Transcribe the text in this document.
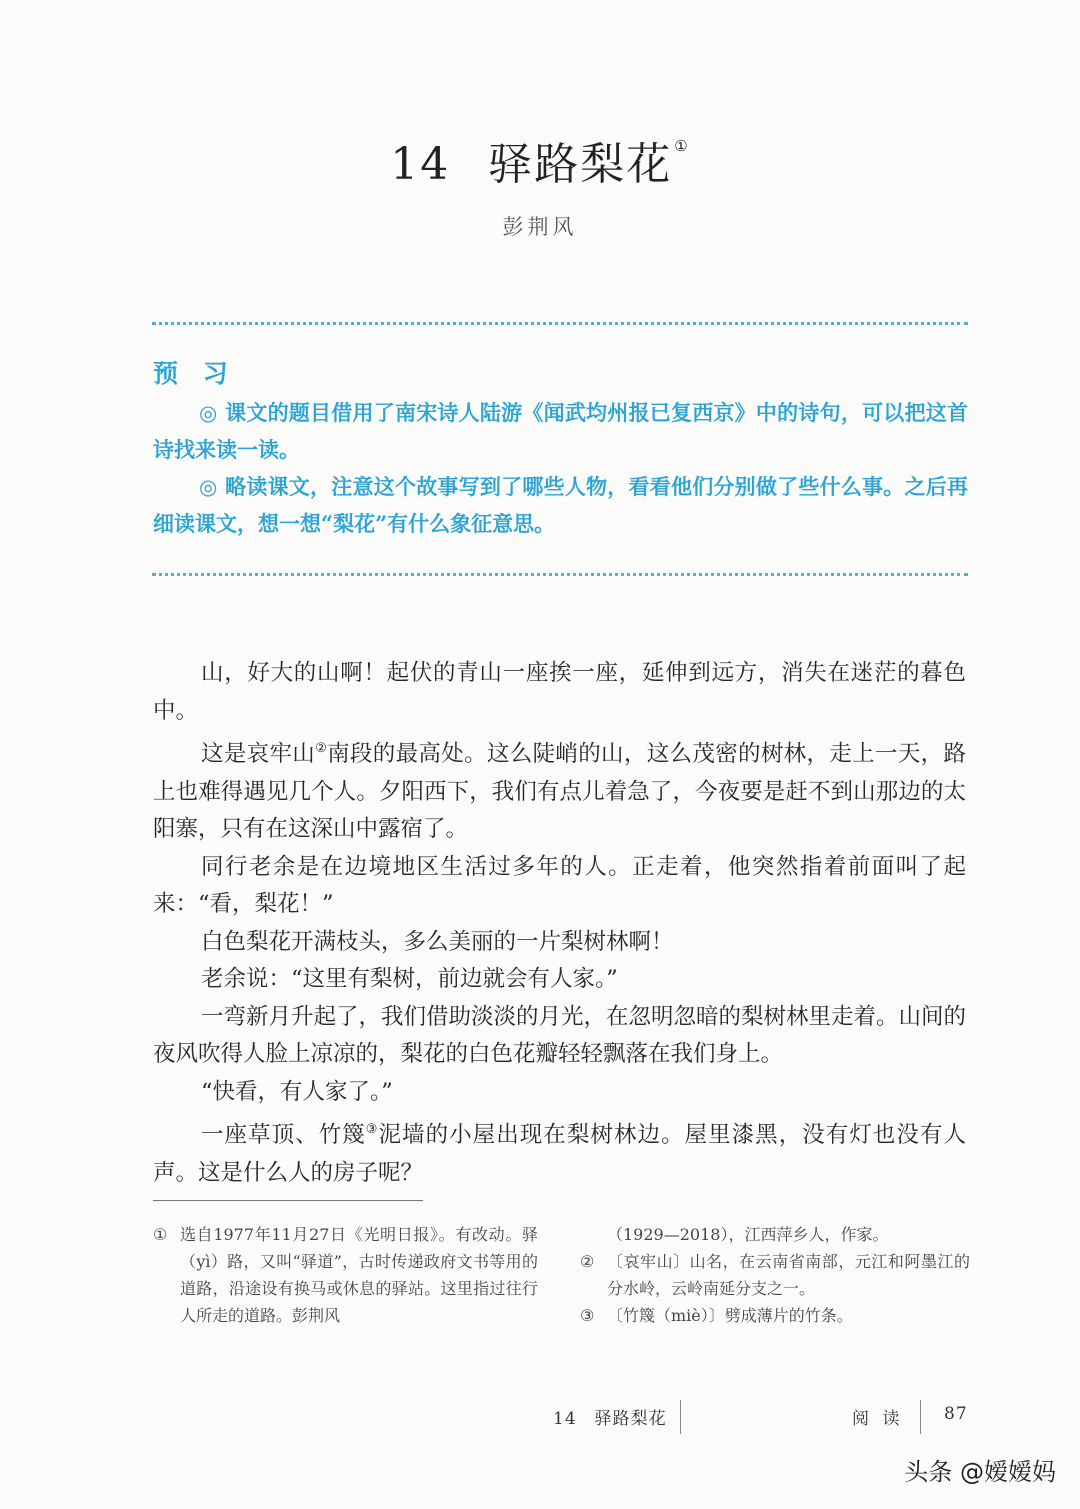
14 驿路梨花 ①
彭荆风
预 习

◎ 课文的题目借用了南宋诗人陆游《闻武均州报已复西京》中的诗句，可以把这首诗找来读一读。

◎ 略读课文，注意这个故事写到了哪些人物，看看他们分别做了些什么事。之后再细读课文，想一想“梨花”有什么象征意思。

山，好大的山啊！起伏的青山一座挨一座，延伸到远方，消失在迷茫的暮色中。

这是哀牢山②南段的最高处。这么陡峭的山，这么茂密的树林，走上一天，路上也难得遇见几个人。夕阳西下，我们有点儿着急了，今夜要是赶不到山那边的太阳寨，只有在这深山中露宿了。

同行老余是在边境地区生活过多年的人。正走着，他突然指着前面叫了起来：“看，梨花！”

白色梨花开满枝头，多么美丽的一片梨树林啊！

老余说：“这里有梨树，前边就会有人家。”

一弯新月升起了，我们借助淡淡的月光，在忽明忽暗的梨树林里走着。山间的夜风吹得人脸上凉凉的，梨花的白色花瓣轻轻飘落在我们身上。

“快看，有人家了。”

一座草顶、竹篾③泥墙的小屋出现在梨树林边。屋里漆黑，没有灯也没有人声。这是什么人的房子呢？

① 选自1977年11月27日《光明日报》。有改动。驿（yì）路，又叫“驿道”，古时传递政府文书等用的道路，沿途设有换马或休息的驿站。这里指过往行人所走的道路。彭荆风
（1929—2018），江西萍乡人，作家。
② 〔哀牢山〕山名，在云南省南部，元江和阿墨江的分水岭，云岭南延分支之一。
③ 〔竹篾（miè）〕劈成薄片的竹条。
14　驿路梨花	阅 读 87
头条 @嫒嫒妈
